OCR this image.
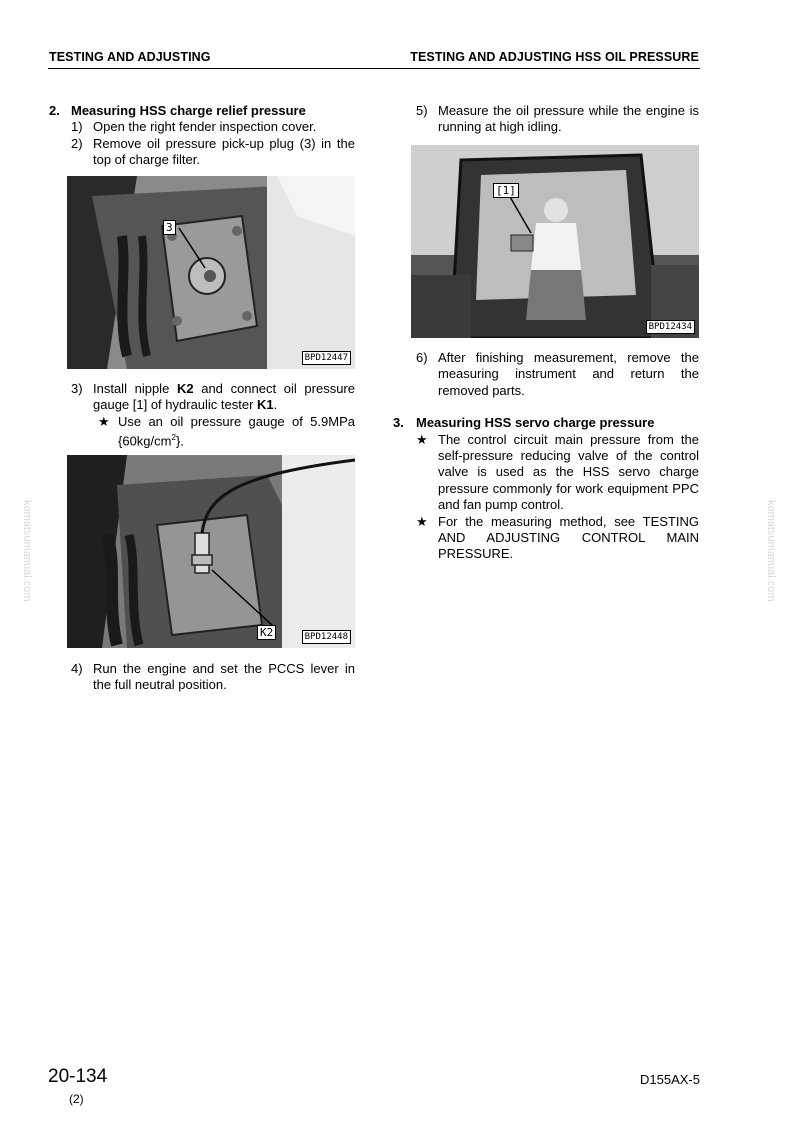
TESTING AND ADJUSTING	TESTING AND ADJUSTING HSS OIL PRESSURE
komatsumanual.com	komatsumanual.com
2. Measuring HSS charge relief pressure
1) Open the right fender inspection cover.
2) Remove oil pressure pick-up plug (3) in the top of charge filter.
3
BPD12447
3) Install nipple K2 and connect oil pressure gauge [1] of hydraulic tester K1.
★ Use an oil pressure gauge of 5.9MPa $\{60kg/cm^2\}$.
K2	BPD12448
4) Run the engine and set the PCCS lever in the full neutral position.
5) Measure the oil pressure while the engine is running at high idling.
[1]
BPD12434
6) After finishing measurement, remove the measuring instrument and return the removed parts.
3. Measuring HSS servo charge pressure
★ The control circuit main pressure from the self-pressure reducing valve of the control valve is used as the HSS servo charge pressure commonly for work equipment PPC and fan pump control.
★ For the measuring method, see TESTING AND ADJUSTING CONTROL MAIN PRESSURE.
20-134
(2)
D155AX-5
